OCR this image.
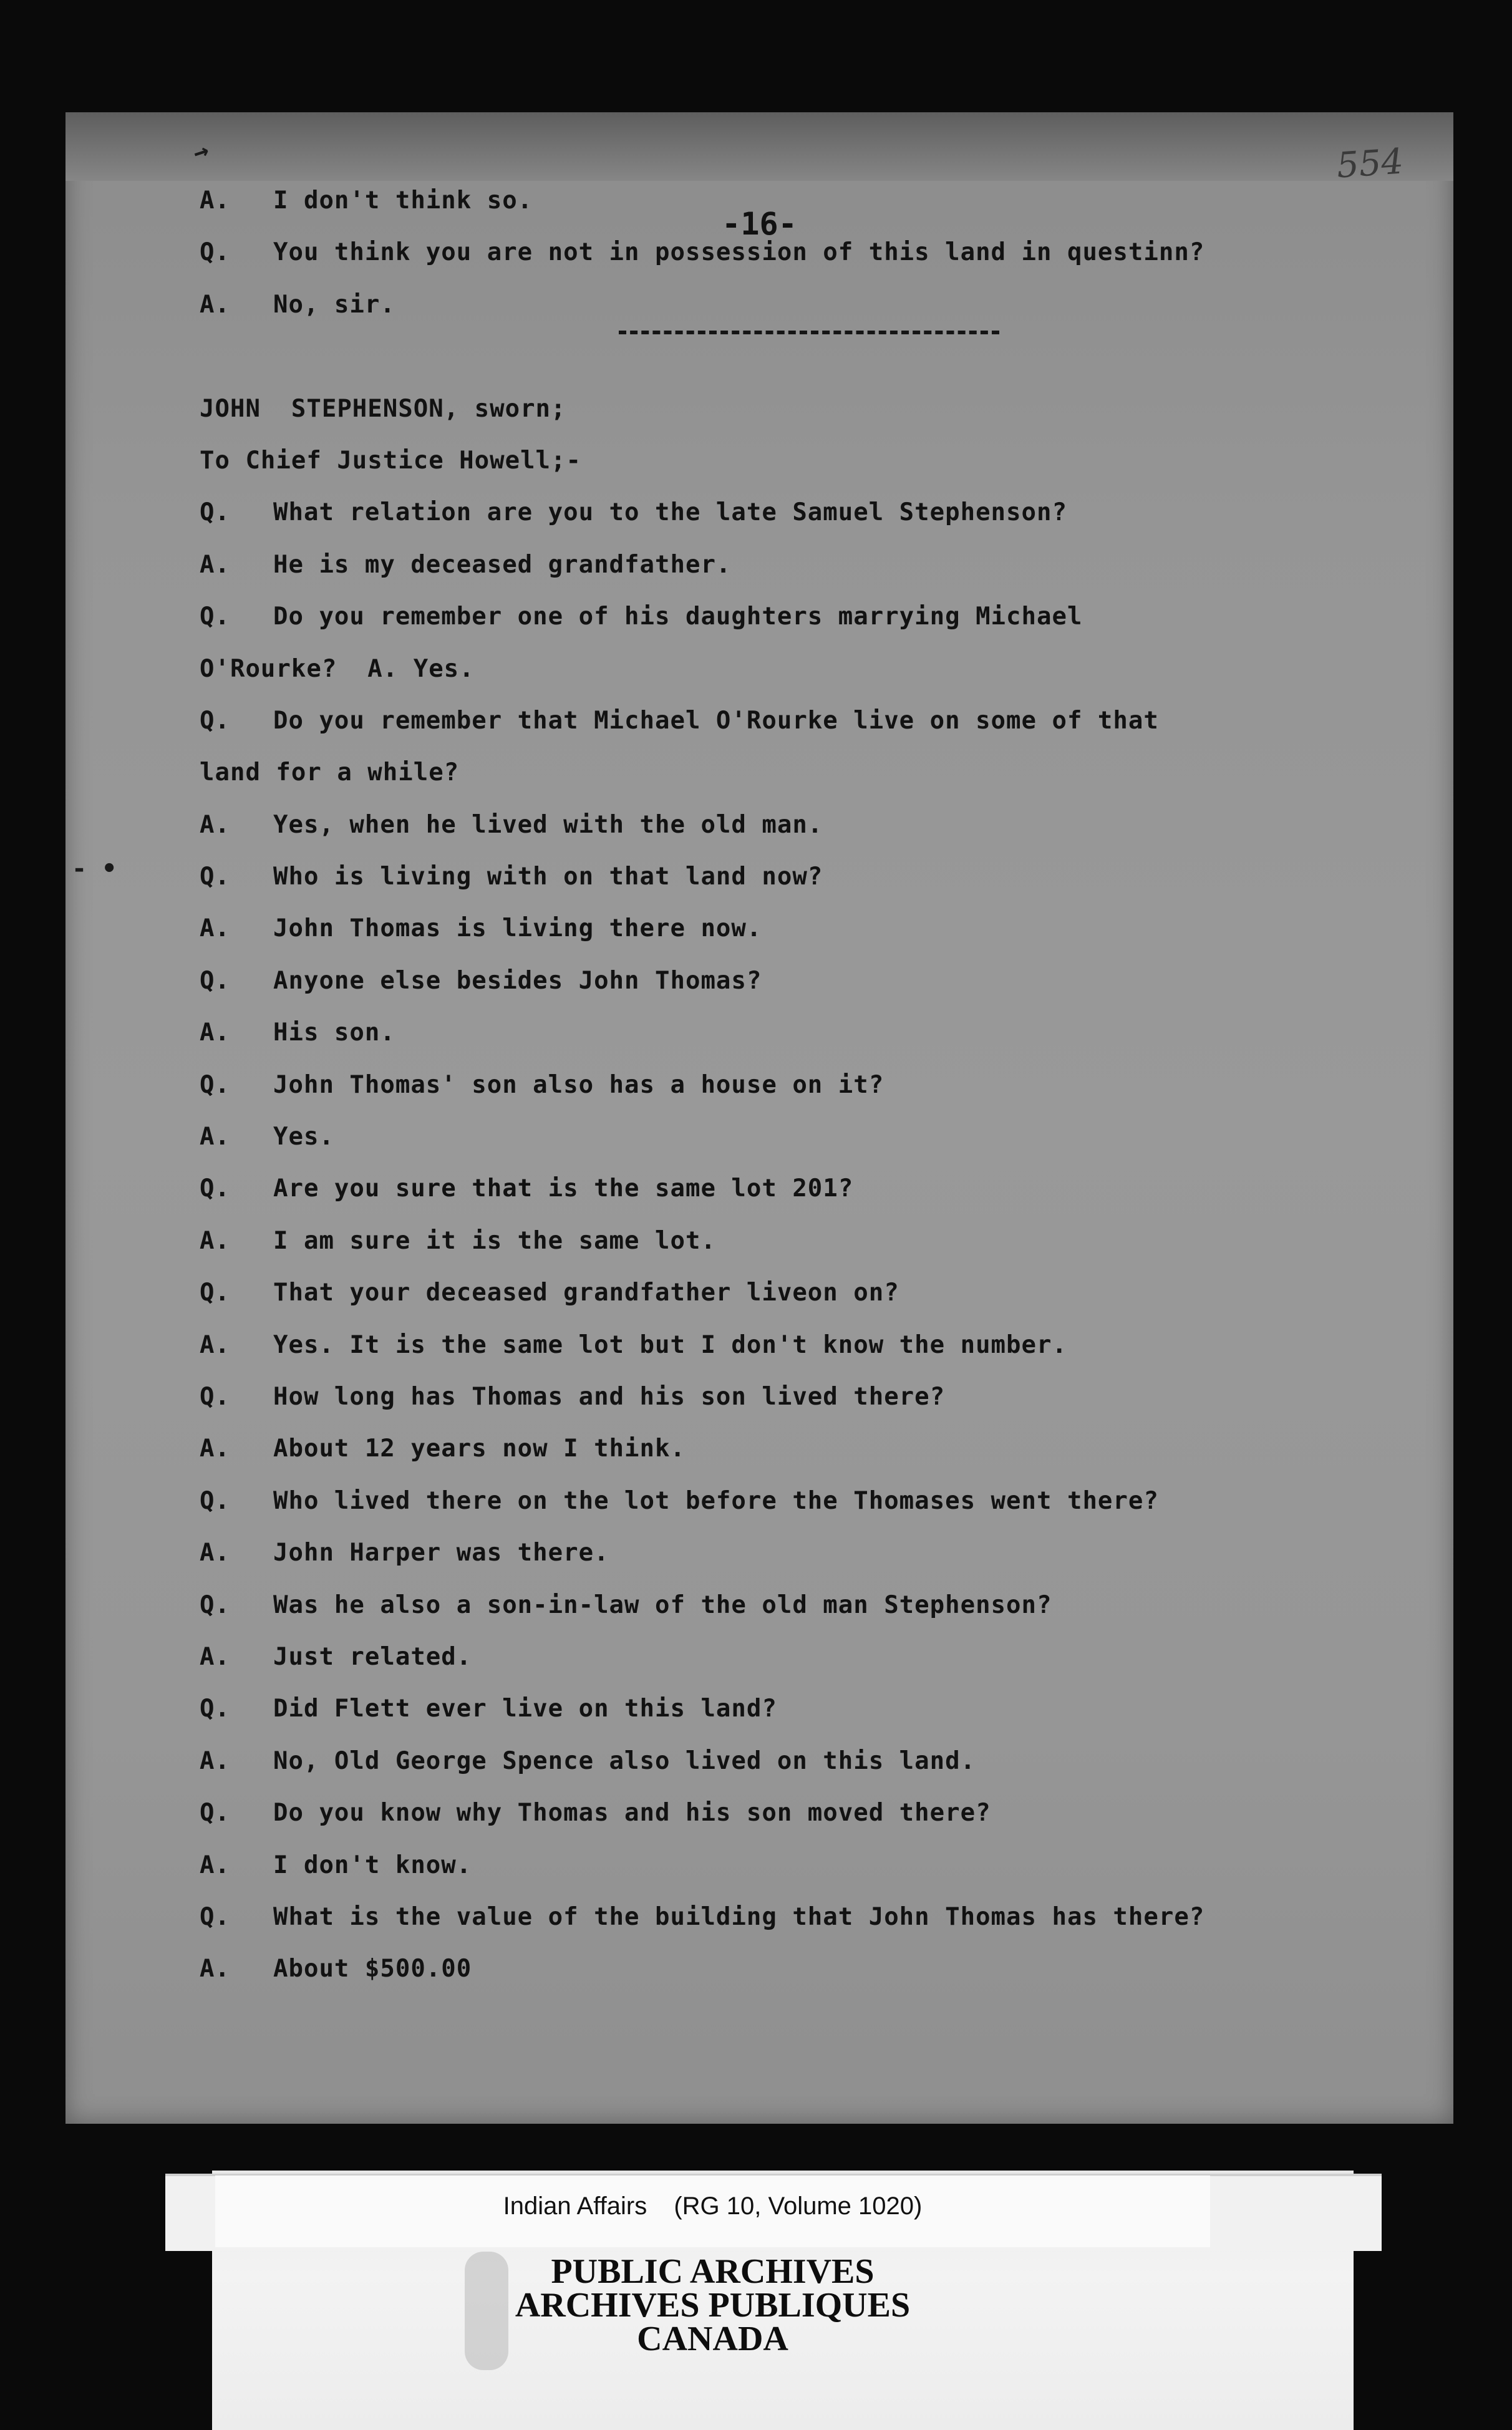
554
-16-
→
- •
A. I don't think so.
Q. You think you are not in possession of this land in questinn?
A. No, sir.
JOHN  STEPHENSON, sworn;
To Chief Justice Howell;-
Q. What relation are you to the late Samuel Stephenson?
A. He is my deceased grandfather.
Q. Do you remember one of his daughters marrying Michael
O'Rourke?  A. Yes.
Q. Do you remember that Michael O'Rourke live on some of that
land for a while?
A. Yes, when he lived with the old man.
Q. Who is living with on that land now?
A. John Thomas is living there now.
Q. Anyone else besides John Thomas?
A. His son.
Q. John Thomas' son also has a house on it?
A. Yes.
Q. Are you sure that is the same lot 201?
A. I am sure it is the same lot.
Q. That your deceased grandfather liveon on?
A. Yes. It is the same lot but I don't know the number.
Q. How long has Thomas and his son lived there?
A. About 12 years now I think.
Q. Who lived there on the lot before the Thomases went there?
A. John Harper was there.
Q. Was he also a son-in-law of the old man Stephenson?
A. Just related.
Q. Did Flett ever live on this land?
A. No, Old George Spence also lived on this land.
Q. Do you know why Thomas and his son moved there?
A. I don't know.
Q. What is the value of the building that John Thomas has there?
A. About $500.00
Indian Affairs (RG 10, Volume 1020)
PUBLIC ARCHIVES
ARCHIVES PUBLIQUES
CANADA
